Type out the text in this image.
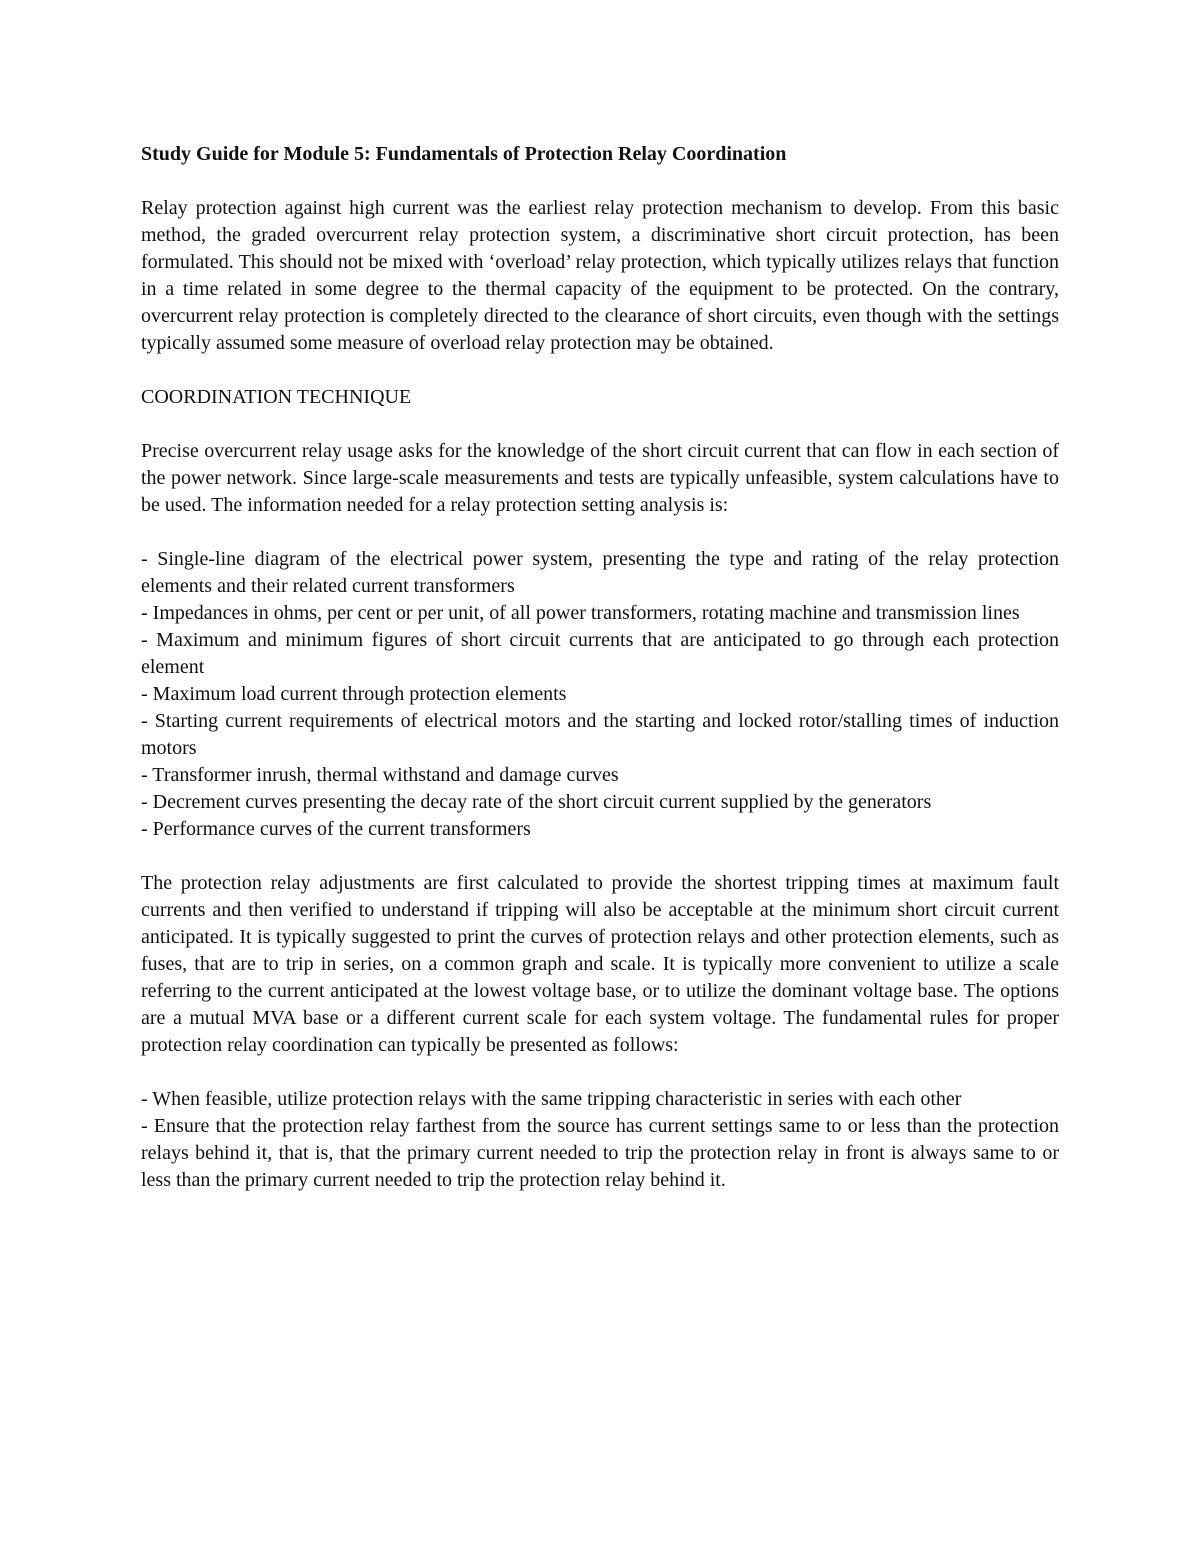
Study Guide for Module 5: Fundamentals of Protection Relay Coordination

Relay protection against high current was the earliest relay protection mechanism to develop. From this basic method, the graded overcurrent relay protection system, a discriminative short circuit protection, has been formulated. This should not be mixed with ‘overload’ relay protection, which typically utilizes relays that function in a time related in some degree to the thermal capacity of the equipment to be protected. On the contrary, overcurrent relay protection is completely directed to the clearance of short circuits, even though with the settings typically assumed some measure of overload relay protection may be obtained.

COORDINATION TECHNIQUE

Precise overcurrent relay usage asks for the knowledge of the short circuit current that can flow in each section of the power network. Since large-scale measurements and tests are typically unfeasible, system calculations have to be used. The information needed for a relay protection setting analysis is:

- Single-line diagram of the electrical power system, presenting the type and rating of the relay protection elements and their related current transformers
- Impedances in ohms, per cent or per unit, of all power transformers, rotating machine and transmission lines
- Maximum and minimum figures of short circuit currents that are anticipated to go through each protection element
- Maximum load current through protection elements
- Starting current requirements of electrical motors and the starting and locked rotor/stalling times of induction motors
- Transformer inrush, thermal withstand and damage curves
- Decrement curves presenting the decay rate of the short circuit current supplied by the generators
- Performance curves of the current transformers

The protection relay adjustments are first calculated to provide the shortest tripping times at maximum fault currents and then verified to understand if tripping will also be acceptable at the minimum short circuit current anticipated. It is typically suggested to print the curves of protection relays and other protection elements, such as fuses, that are to trip in series, on a common graph and scale. It is typically more convenient to utilize a scale referring to the current anticipated at the lowest voltage base, or to utilize the dominant voltage base. The options are a mutual MVA base or a different current scale for each system voltage. The fundamental rules for proper protection relay coordination can typically be presented as follows:

- When feasible, utilize protection relays with the same tripping characteristic in series with each other
- Ensure that the protection relay farthest from the source has current settings same to or less than the protection relays behind it, that is, that the primary current needed to trip the protection relay in front is always same to or less than the primary current needed to trip the protection relay behind it.
